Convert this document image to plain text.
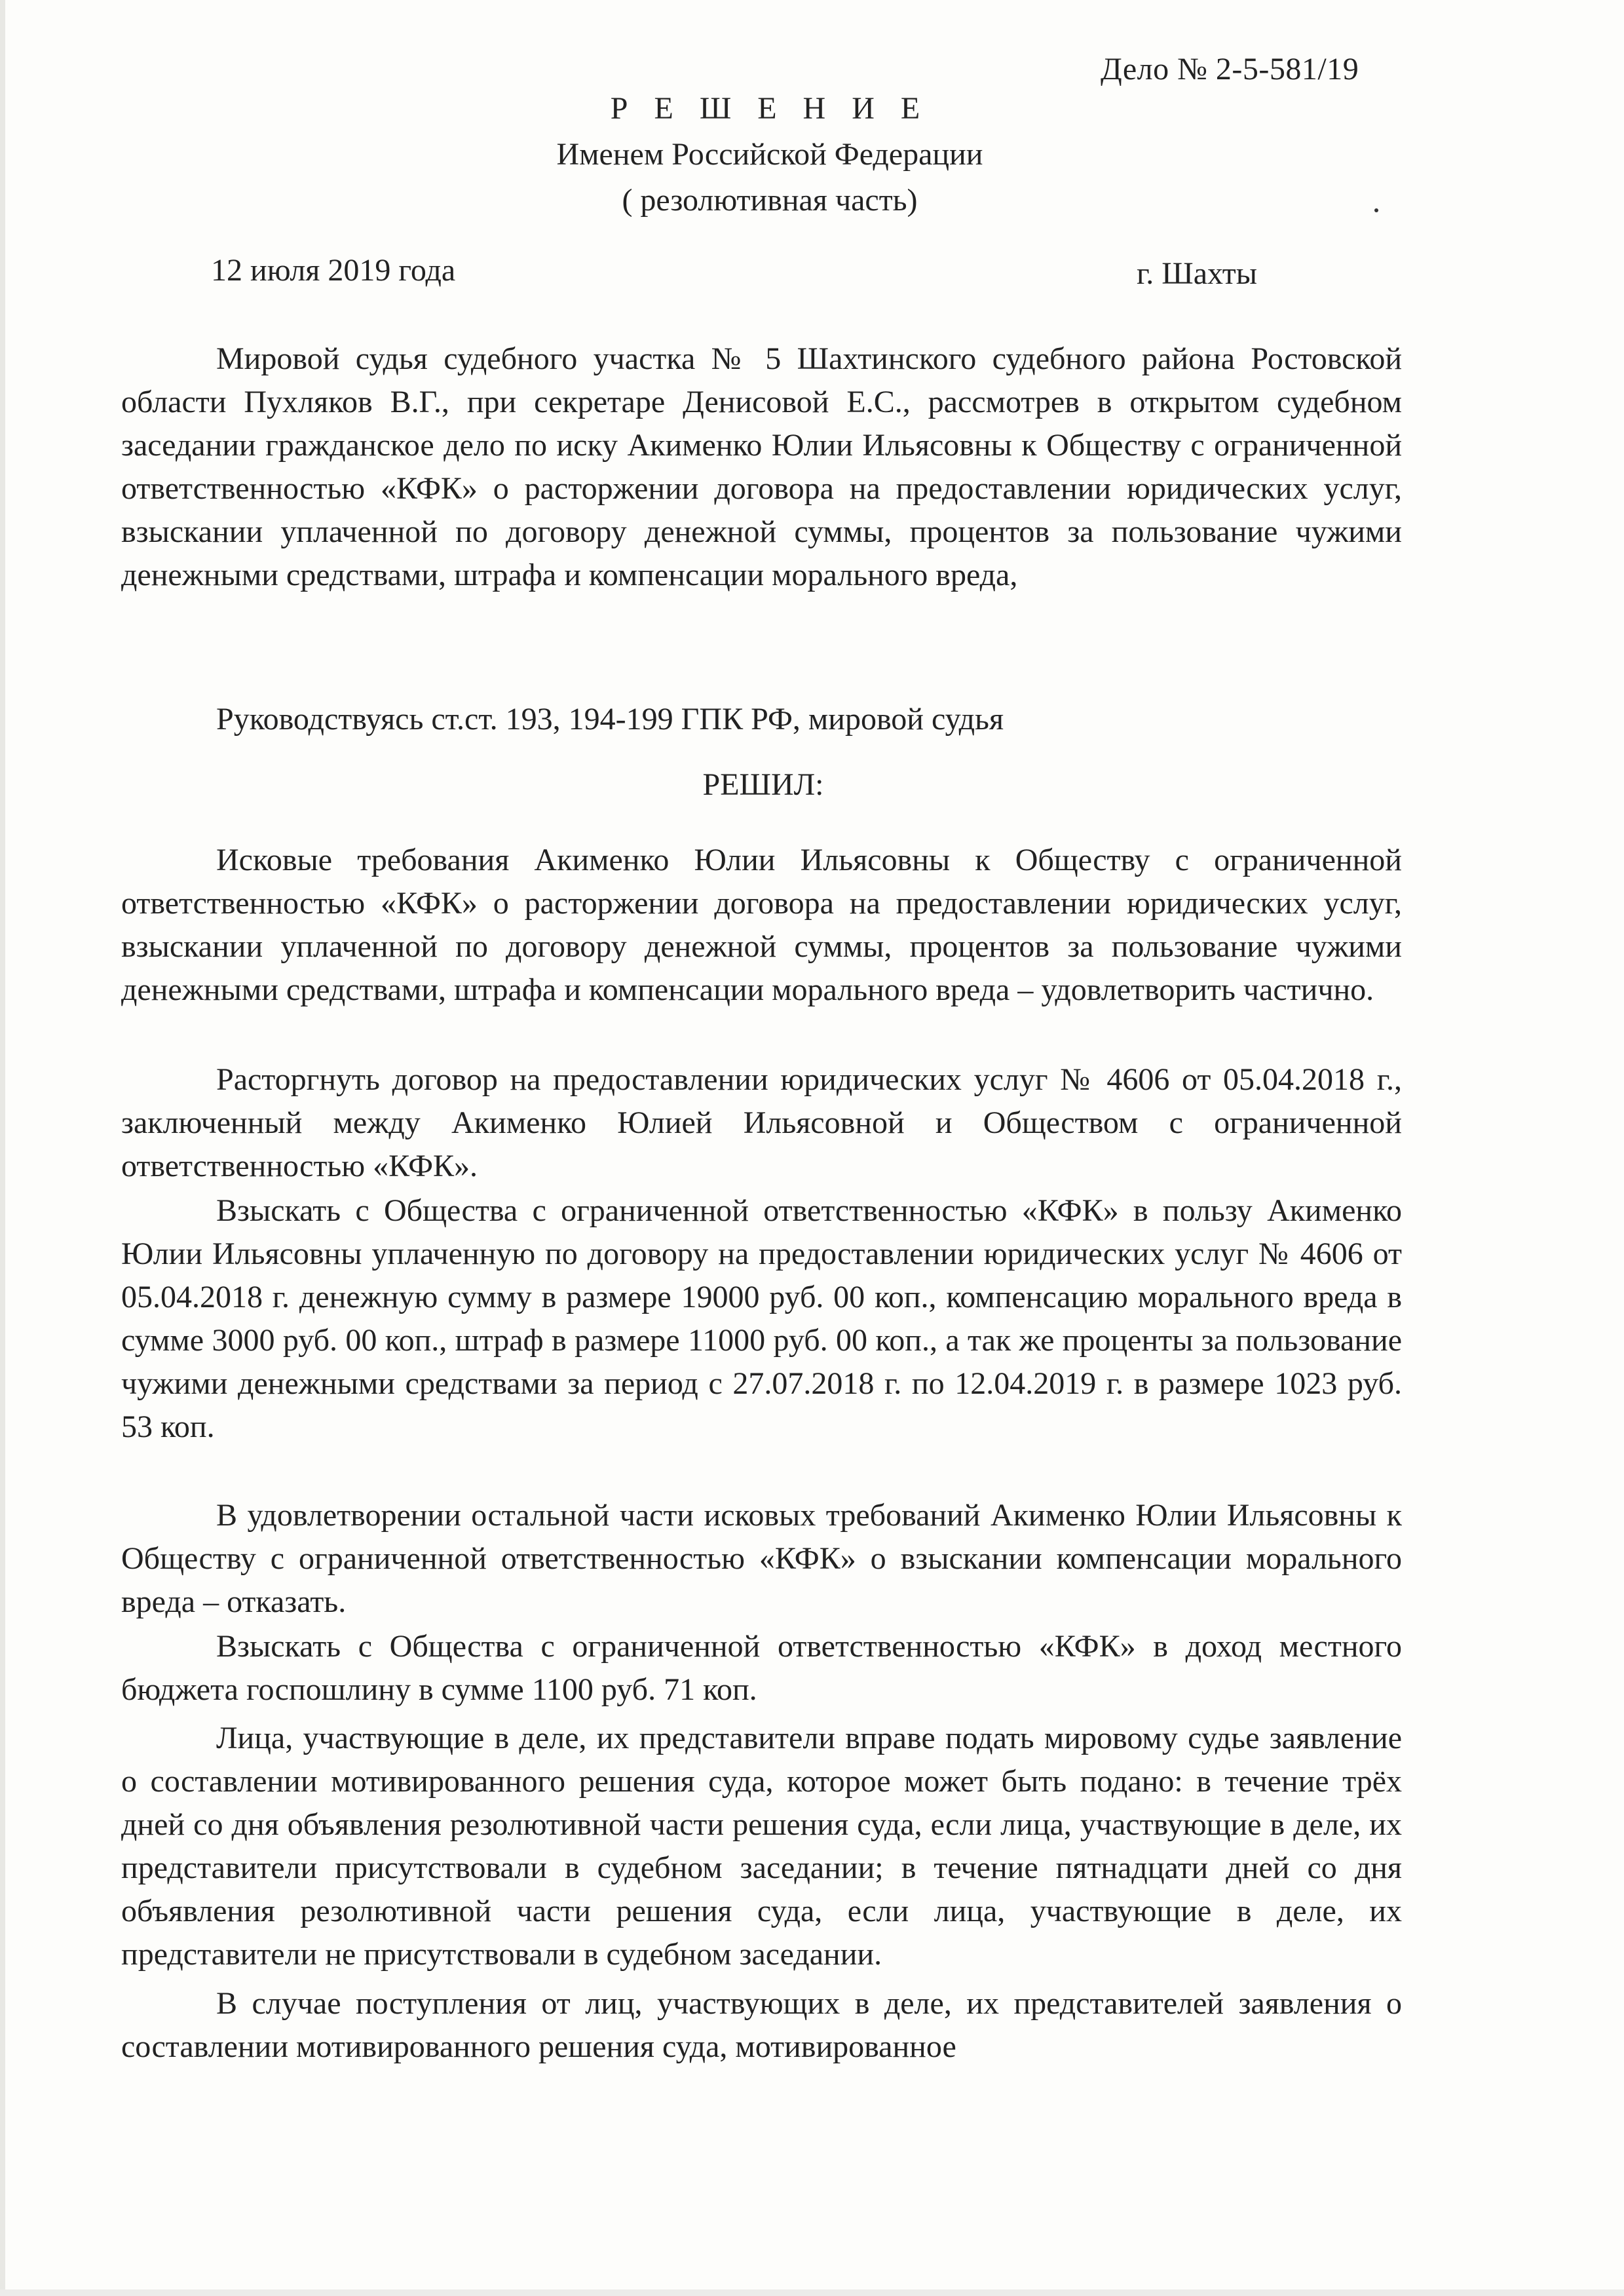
Дело № 2-5-581/19
Р Е Ш Е Н И Е
Именем Российской Федерации
( резолютивная часть)
12 июля 2019 года	г. Шахты

Мировой судья судебного участка № 5 Шахтинского судебного района Ростовской области Пухляков В.Г., при секретаре Денисовой Е.С., рассмотрев в открытом судебном заседании гражданское дело по иску Акименко Юлии Ильясовны к Обществу с ограниченной ответственностью «КФК» о расторжении договора на предоставлении юридических услуг, взыскании уплаченной по договору денежной суммы, процентов за пользование чужими денежными средствами, штрафа и компенсации морального вреда,

Руководствуясь ст.ст. 193, 194-199 ГПК РФ, мировой судья

РЕШИЛ:

Исковые требования Акименко Юлии Ильясовны к Обществу с ограниченной ответственностью «КФК» о расторжении договора на предоставлении юридических услуг, взыскании уплаченной по договору денежной суммы, процентов за пользование чужими денежными средствами, штрафа и компенсации морального вреда – удовлетворить частично.

Расторгнуть договор на предоставлении юридических услуг № 4606 от 05.04.2018 г., заключенный между Акименко Юлией Ильясовной и Обществом с ограниченной ответственностью «КФК».

Взыскать с Общества с ограниченной ответственностью «КФК» в пользу Акименко Юлии Ильясовны уплаченную по договору на предоставлении юридических услуг № 4606 от 05.04.2018 г. денежную сумму в размере 19000 руб. 00 коп., компенсацию морального вреда в сумме 3000 руб. 00 коп., штраф в размере 11000 руб. 00 коп., а так же проценты за пользование чужими денежными средствами за период с 27.07.2018 г. по 12.04.2019 г. в размере 1023 руб. 53 коп.

В удовлетворении остальной части исковых требований Акименко Юлии Ильясовны к Обществу с ограниченной ответственностью «КФК» о взыскании компенсации морального вреда – отказать.

Взыскать с Общества с ограниченной ответственностью «КФК» в доход местного бюджета госпошлину в сумме 1100 руб. 71 коп.

Лица, участвующие в деле, их представители вправе подать мировому судье заявление о составлении мотивированного решения суда, которое может быть подано: в течение трёх дней со дня объявления резолютивной части решения суда, если лица, участвующие в деле, их представители присутствовали в судебном заседании; в течение пятнадцати дней со дня объявления резолютивной части решения суда, если лица, участвующие в деле, их представители не присутствовали в судебном заседании.

В случае поступления от лиц, участвующих в деле, их представителей заявления о составлении мотивированного решения суда, мотивированное
